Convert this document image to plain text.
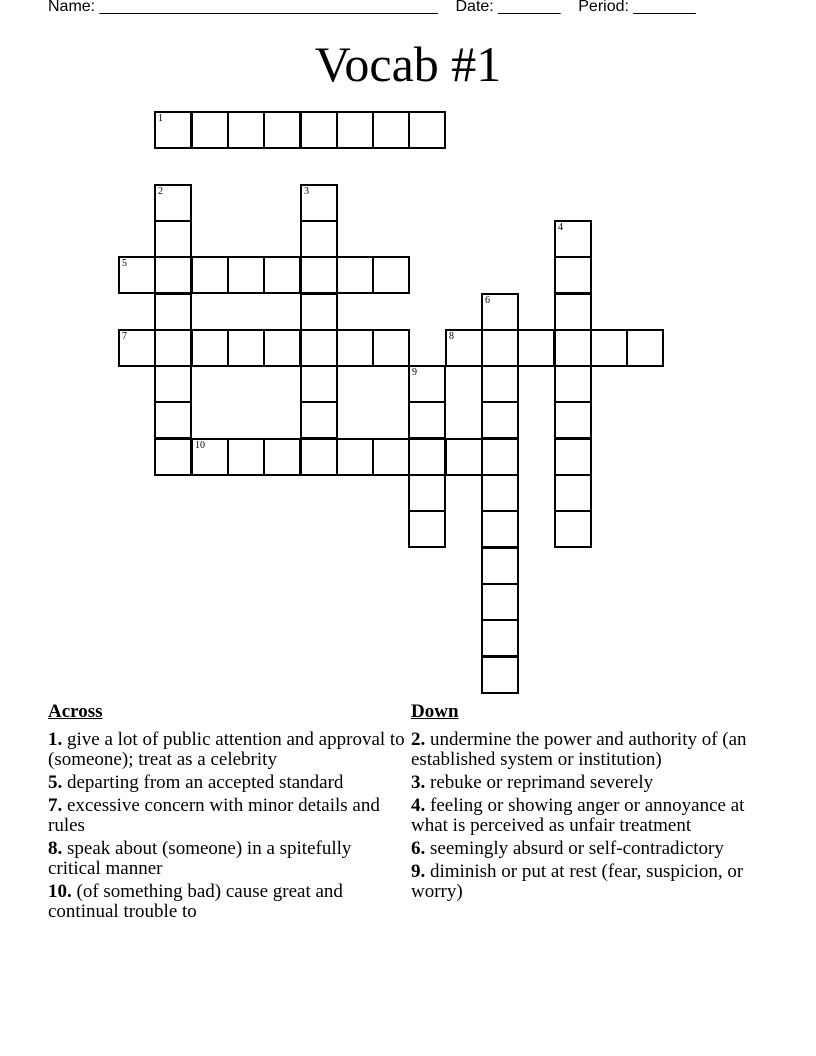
Name: ______________________________________    Date: _______    Period: _______
Vocab #1
1
5
7	8
10
2	3
4
6
9
Across
1. give a lot of public attention and approval to (someone); treat as a celebrity
5. departing from an accepted standard
7. excessive concern with minor details and rules
8. speak about (someone) in a spitefully critical manner
10. (of something bad) cause great and continual trouble to
Down
2. undermine the power and authority of (an established system or institution)
3. rebuke or reprimand severely
4. feeling or showing anger or annoyance at what is perceived as unfair treatment
6. seemingly absurd or self-contradictory
9. diminish or put at rest (fear, suspicion, or worry)
